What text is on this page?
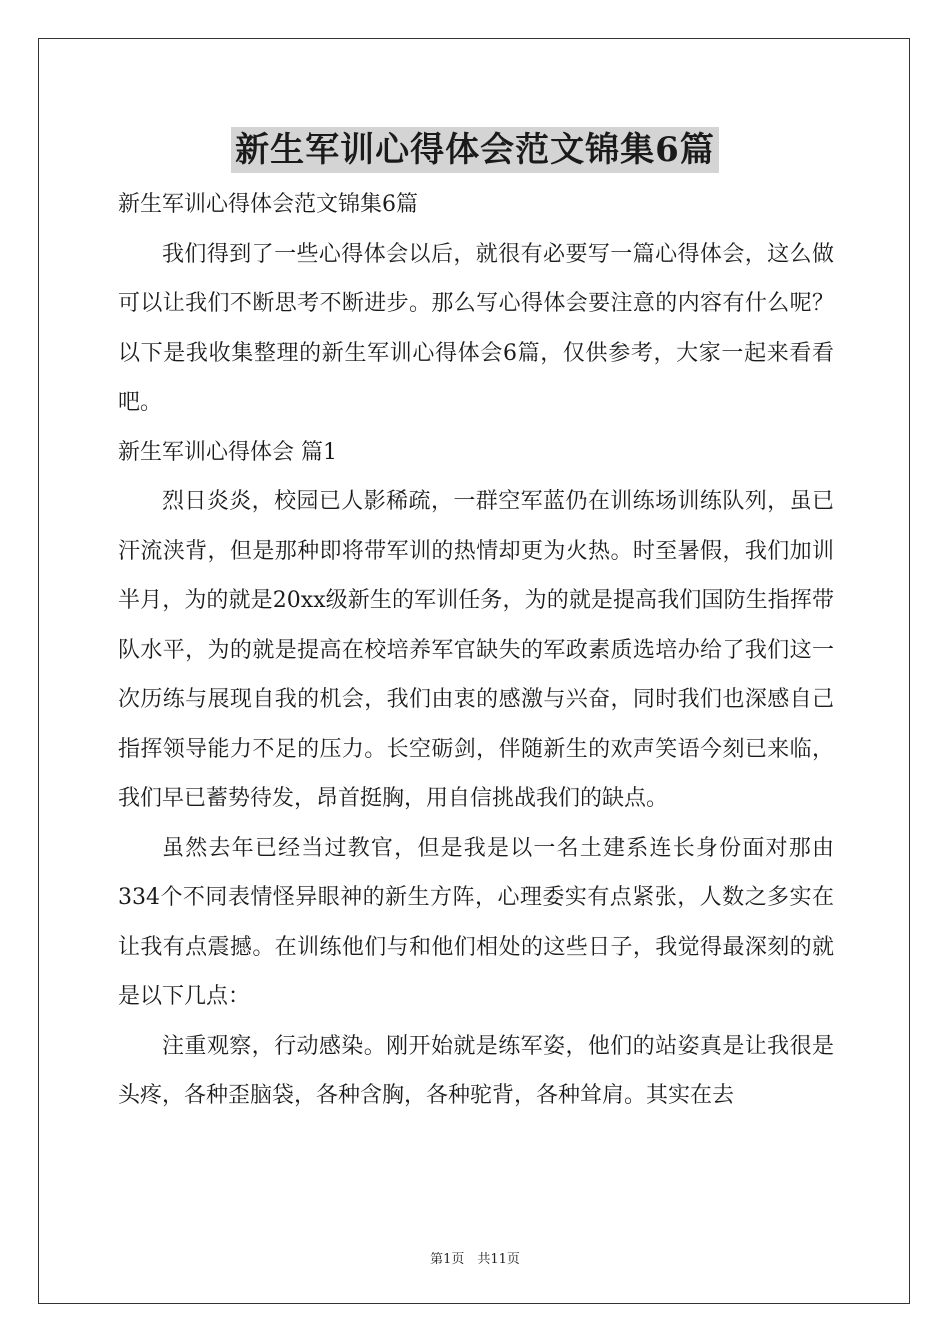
新生军训心得体会范文锦集6篇

新生军训心得体会范文锦集6篇

我们得到了一些心得体会以后，就很有必要写一篇心得体会，这么做可以让我们不断思考不断进步。那么写心得体会要注意的内容有什么呢？以下是我收集整理的新生军训心得体会6篇，仅供参考，大家一起来看看吧。

新生军训心得体会 篇1

烈日炎炎，校园已人影稀疏，一群空军蓝仍在训练场训练队列，虽已汗流浃背，但是那种即将带军训的热情却更为火热。时至暑假，我们加训半月，为的就是20xx级新生的军训任务，为的就是提高我们国防生指挥带队水平，为的就是提高在校培养军官缺失的军政素质选培办给了我们这一次历练与展现自我的机会，我们由衷的感激与兴奋，同时我们也深感自己指挥领导能力不足的压力。长空砺剑，伴随新生的欢声笑语今刻已来临，我们早已蓄势待发，昂首挺胸，用自信挑战我们的缺点。

虽然去年已经当过教官，但是我是以一名土建系连长身份面对那由334个不同表情怪异眼神的新生方阵，心理委实有点紧张，人数之多实在让我有点震撼。在训练他们与和他们相处的这些日子，我觉得最深刻的就是以下几点：

注重观察，行动感染。刚开始就是练军姿，他们的站姿真是让我很是头疼，各种歪脑袋，各种含胸，各种驼背，各种耸肩。其实在去

第1页　共11页
